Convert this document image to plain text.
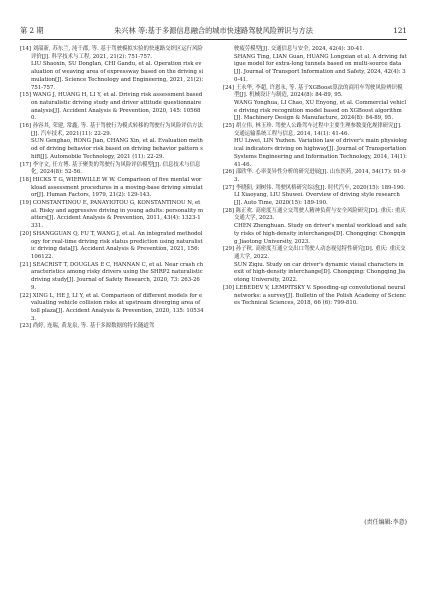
第 2 期	朱兴林 等:基于多源信息融合的城市快速路驾驶风险辨识与方法	121
[14] 刘韶新, 苏东兰, 沌千郡, 等. 基于驾驶模拟实验的快速路交织区运行风险评价[J]. 科学技术与工程, 2021, 21(2): 751-757.
LIU Shaoxin, SU Donglan, CHI Gandu, et al. Operation risk evaluation of weaving area of expressway based on the driving simulation[J]. Science Technology and Engineering, 2021, 21(2): 751-757.
[15] WANG J, HUANG H, LI Y, et al. Driving risk assessment based on naturalistic driving study and driver attitude questionnaire analysis[J]. Accident Analysis & Prevention, 2020, 145: 105680.
[16] 孙容其, 荣建, 常鑫, 等. 基于驾驶行为模式转移的驾驶行为风险评估方法[J]. 汽车技术, 2021(11): 22-29.
SUN Genghao, RONG Jian, CHANG Xin, et al. Evaluation method of driving behavior risk based on driving behavior pattern shift[J]. Automobile Technology, 2021 (11): 22-29.
[17] 李守文, 任方博. 基于聚类的驾驶行为风险评估模型[J]. 信息技术与信息化, 2024(8): 52-56.
[18] HICKS T G, WIERWILLE W W. Comparison of five mental workload assessment procedures in a moving-base driving simulator[J]. Human Factors, 1979, 21(2): 129-143.
[19] CONSTANTINOU E, PANAYIOTOU G, KONSTANTINOU N, et al. Risky and aggressive driving in young adults: personality matters[J]. Accident Analysis & Prevention, 2011, 43(4): 1323-1331.
[20] SHANGGUAN Q, FU T, WANG J, et al. An integrated methodology for real-time driving risk status prediction using naturalistic driving data[J]. Accident Analysis & Prevention, 2021, 156: 106122.
[21] SEACRIST T, DOUGLAS E C, HANNAN C, et al. Near crash characteristics among risky drivers using the SHRP2 naturalistic driving study[J]. Journal of Safety Research, 2020, 73: 263-269.
[22] XING L, HE J, LI Y, et al. Comparison of different models for evaluating vehicle collision risks at upstream diverging area of toll plaza[J]. Accident Analysis & Prevention, 2020, 135: 105343.
[23] 尚婷, 连瑞, 黄龙泉, 等. 基于多源数据的特长隧道驾
驶疲劳模型[J]. 交通信息与安全, 2024, 42(4): 30-41.
SHANG Ting, LIAN Guan, HUANG Longxian et al. A driving fatigue model for extra-long tunnels based on multi-source data[J]. Journal of Transport Information and Safety, 2024, 42(4): 30-41.
[24] 王永华, 李超, 许恩永, 等. 基于XGBoost算法的商用车驾驶风险辨识模型[J]. 机械设计与制造, 2024(8): 84-89, 95.
WANG Yonghua, LI Chao, XU Enyong, et al. Commercial vehicle driving risk recognition model based on XGBoost algorithm[J]. Machinery Design & Manufacture, 2024(8): 84-89, 95.
[25] 胡立伟, 林玉珍. 驾驶人公路驾车过程中主要生理参数变化规律研究[J]. 交通运输系统工程与信息, 2014, 14(1): 41-46.
HU Liwei, LIN Yuzhen. Variation law of driver's main physiological indicators driving on highway[J]. Journal of Transportation Systems Engineering and Information Technology, 2014, 14(1): 41-46.
[26] 邵欣华. 心率变异性分析的研究进展[J]. 山东医药, 2014, 54(17): 91-93.
[27] 李晓阳, 刘树伟. 驾驶风格研究综述[J]. 时代汽车, 2020(15): 189-190.
LI Xiaoyang, LIU Shuwei. Overview of driving style research[J]. Auto Time, 2020(15): 189-190.
[28] 陈正欢. 高密度互通立交驾驶人精神负荷与安全风险研究[D]. 重庆: 重庆交通大学, 2023.
CHEN Zhenghuan. Study on driver's mental workload and safety risks of high-density interchanges[D]. Chongqing: Chongqing Jiaotong University, 2023.
[29] 孙子秋. 高密度互通立交出口驾驶人动态视觉特性研究[D]. 重庆: 重庆交通大学, 2022.
SUN Ziqiu. Study on car driver's dynamic visual characters in exit of high-density interchange[D]. Chongqing: Chongqing Jiaotong University, 2022.
[30] LEBEDEV V, LEMPITSKY V. Speeding-up convolutional neural networks: a survey[J]. Bulletin of the Polish Academy of Sciences Technical Sciences, 2018, 66 (6): 799-810.
(责任编辑:李意)
